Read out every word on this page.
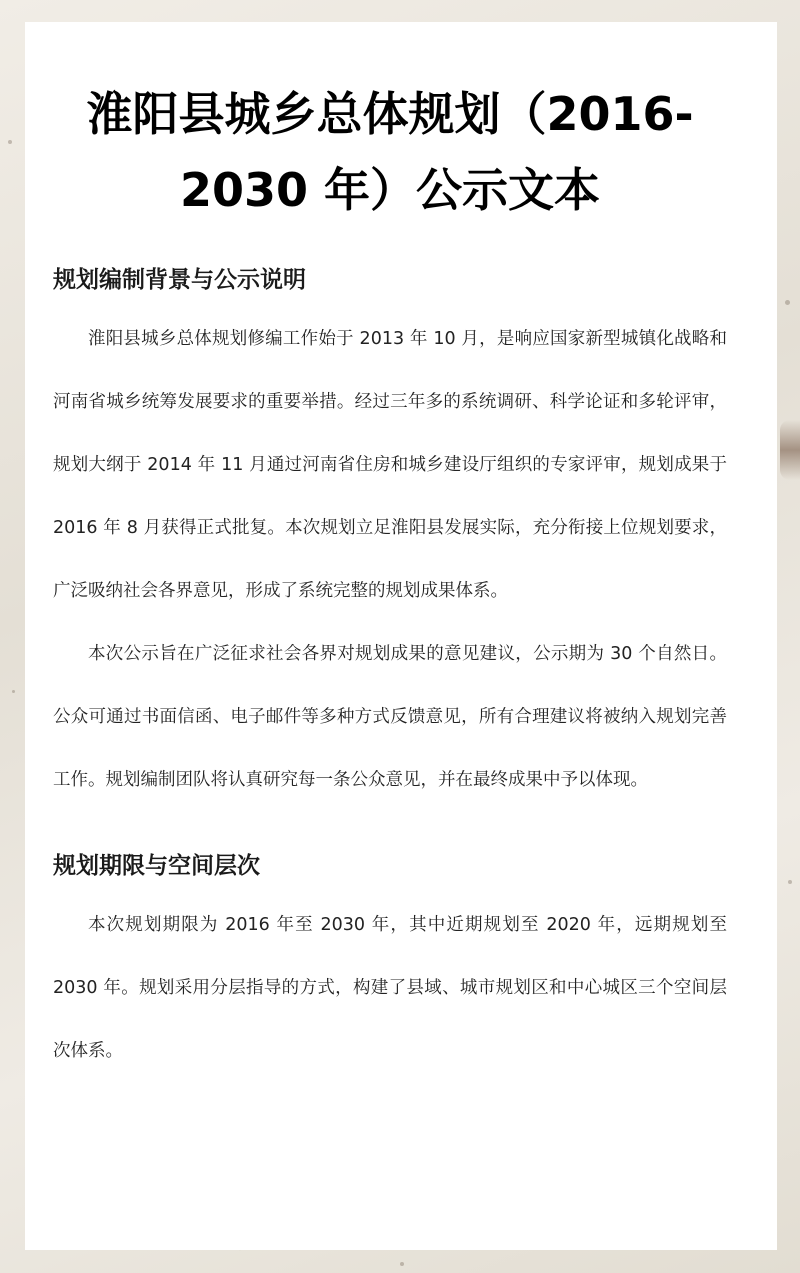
淮阳县城乡总体规划（2016-2030 年）公示文本
规划编制背景与公示说明

淮阳县城乡总体规划修编工作始于 2013 年 10 月，是响应国家新型城镇化战略和河南省城乡统筹发展要求的重要举措。经过三年多的系统调研、科学论证和多轮评审，规划大纲于 2014 年 11 月通过河南省住房和城乡建设厅组织的专家评审，规划成果于 2016 年 8 月获得正式批复。本次规划立足淮阳县发展实际，充分衔接上位规划要求，广泛吸纳社会各界意见，形成了系统完整的规划成果体系。

本次公示旨在广泛征求社会各界对规划成果的意见建议，公示期为 30 个自然日。公众可通过书面信函、电子邮件等多种方式反馈意见，所有合理建议将被纳入规划完善工作。规划编制团队将认真研究每一条公众意见，并在最终成果中予以体现。

规划期限与空间层次

本次规划期限为 2016 年至 2030 年，其中近期规划至 2020 年，远期规划至 2030 年。规划采用分层指导的方式，构建了县域、城市规划区和中心城区三个空间层次体系。
